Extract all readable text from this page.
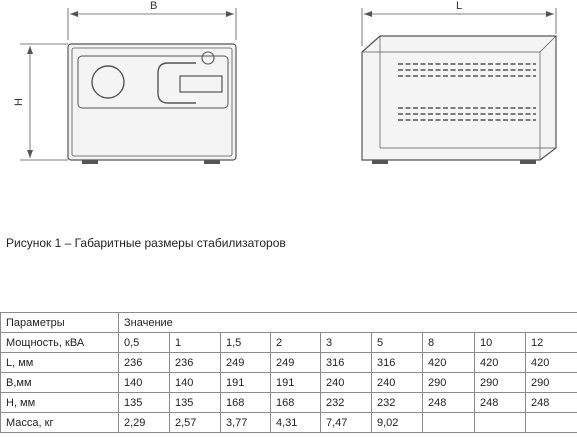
B
H
L
Рисунок 1 – Габаритные размеры стабилизаторов
Параметры	Значение								
Мощность, кВА	0,5	1	1,5	2	3	5	8	10	12
L, мм	236	236	249	249	316	316	420	420	420
B,мм	140	140	191	191	240	240	290	290	290
H, мм	135	135	168	168	232	232	248	248	248
Масса, кг	2,29	2,57	3,77	4,31	7,47	9,02			
